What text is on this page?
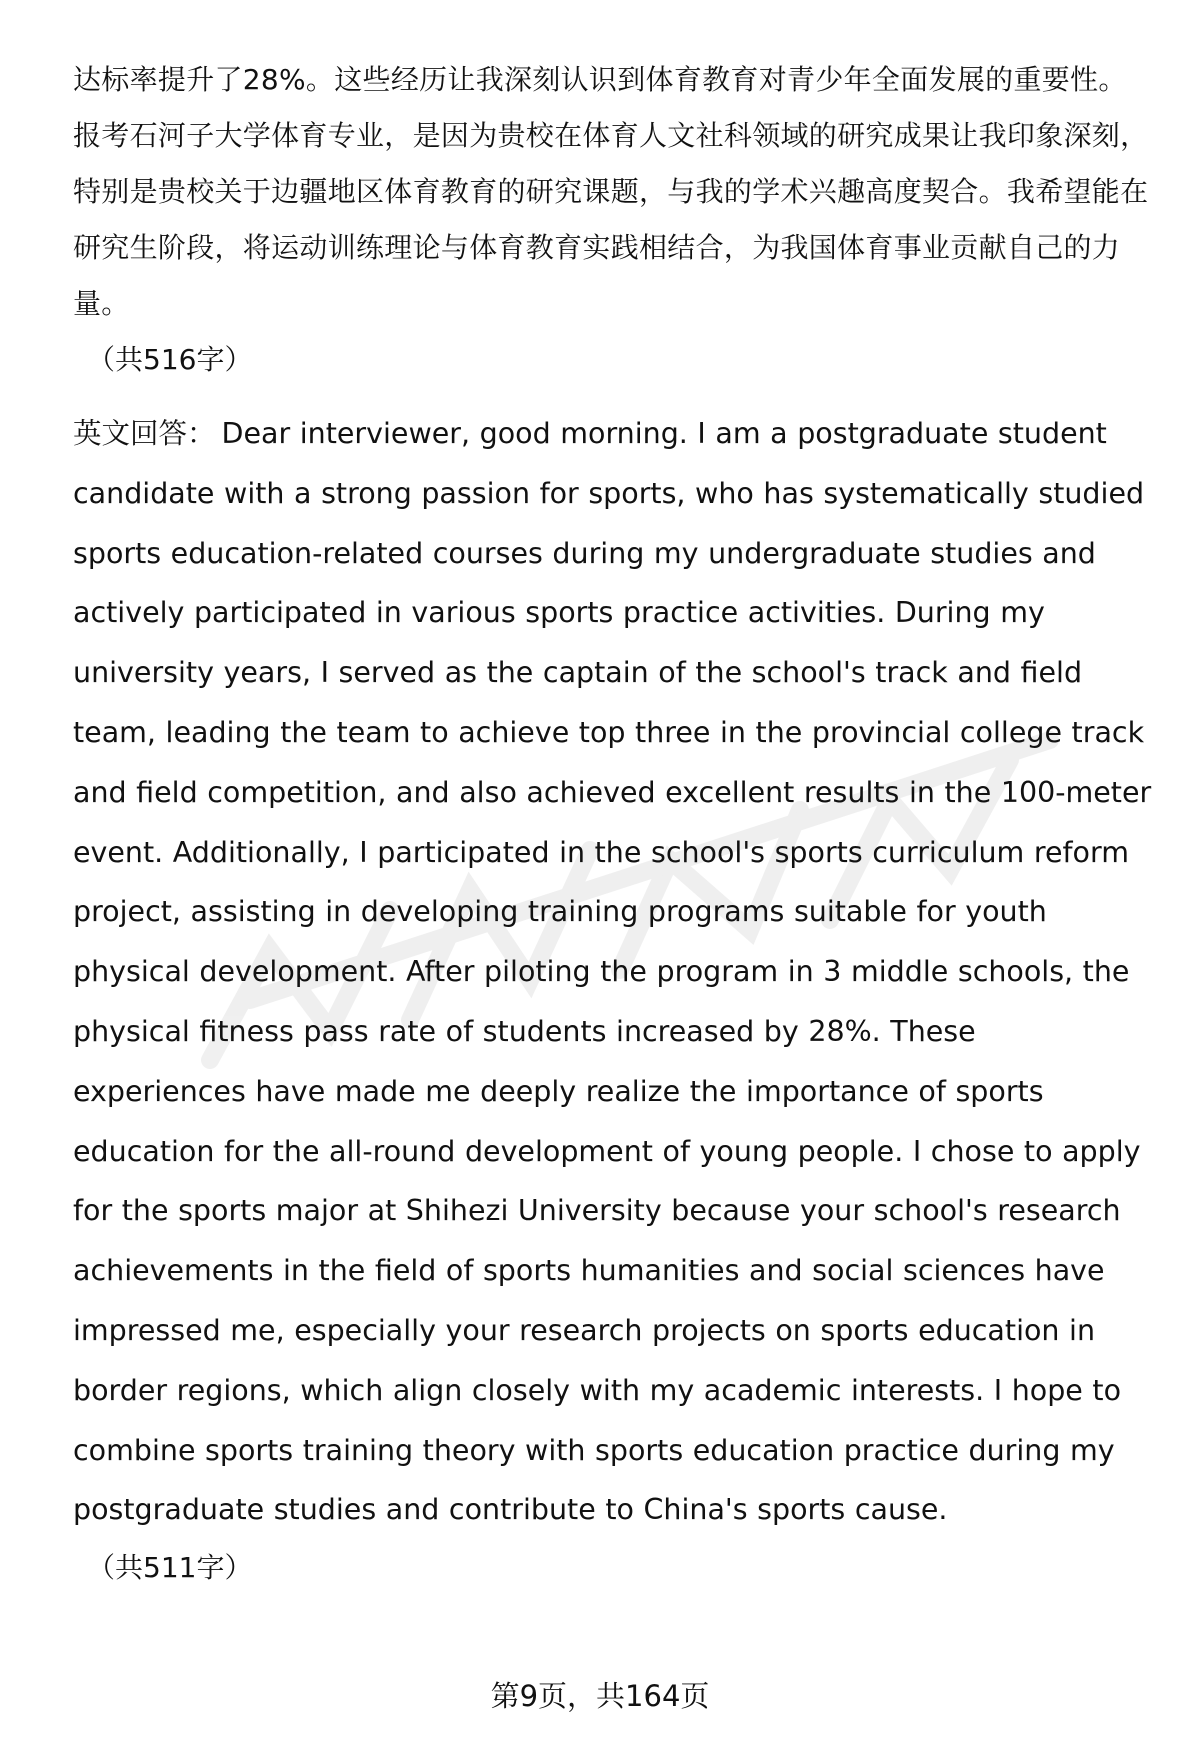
达标率提升了28%。这些经历让我深刻认识到体育教育对青少年全面发展的重要性。报考石河子大学体育专业，是因为贵校在体育人文社科领域的研究成果让我印象深刻，特别是贵校关于边疆地区体育教育的研究课题，与我的学术兴趣高度契合。我希望能在研究生阶段，将运动训练理论与体育教育实践相结合，为我国体育事业贡献自己的力量。

（共516字）

英文回答： Dear interviewer, good morning. I am a postgraduate student candidate with a strong passion for sports, who has systematically studied sports education-related courses during my undergraduate studies and actively participated in various sports practice activities. During my university years, I served as the captain of the school's track and field team, leading the team to achieve top three in the provincial college track and field competition, and also achieved excellent results in the 100-meter event. Additionally, I participated in the school's sports curriculum reform project, assisting in developing training programs suitable for youth physical development. After piloting the program in 3 middle schools, the physical fitness pass rate of students increased by 28%. These experiences have made me deeply realize the importance of sports education for the all-round development of young people. I chose to apply for the sports major at Shihezi University because your school's research achievements in the field of sports humanities and social sciences have impressed me, especially your research projects on sports education in border regions, which align closely with my academic interests. I hope to combine sports training theory with sports education practice during my postgraduate studies and contribute to China's sports cause.

（共511字）

第9页，共164页
